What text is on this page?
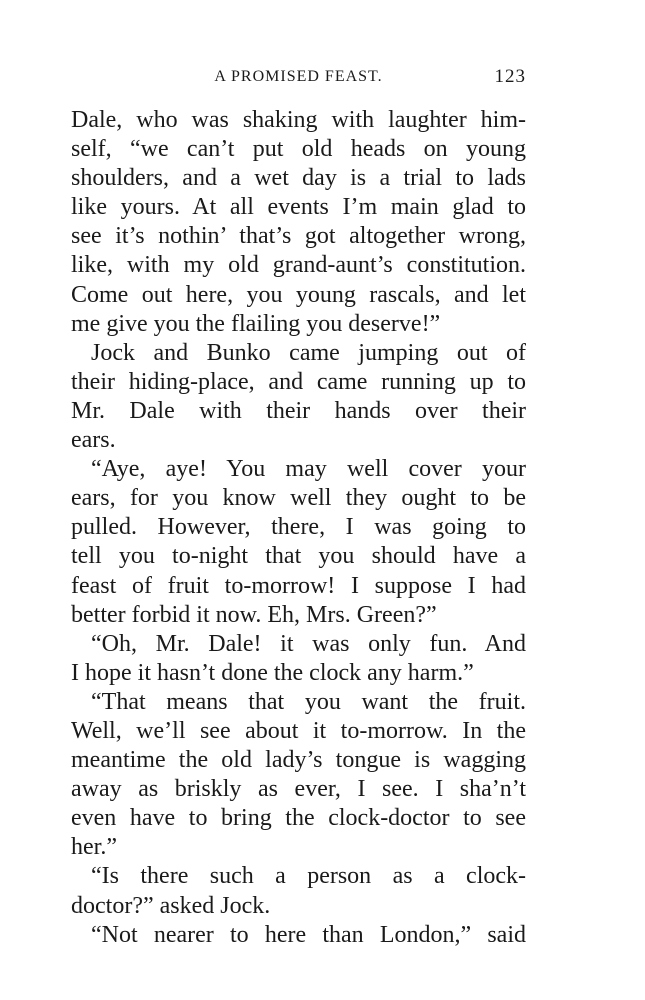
A PROMISED FEAST.	123
Dale, who was shaking with laughter him-
self, “we can’t put old heads on young
shoulders, and a wet day is a trial to lads
like yours. At all events I’m main glad to
see it’s nothin’ that’s got altogether wrong,
like, with my old grand-aunt’s constitution.
Come out here, you young rascals, and let
me give you the flailing you deserve!”
Jock and Bunko came jumping out of
their hiding-place, and came running up to
Mr. Dale with their hands over their
ears.
“Aye, aye! You may well cover your
ears, for you know well they ought to be
pulled. However, there, I was going to
tell you to-night that you should have a
feast of fruit to-morrow! I suppose I had
better forbid it now. Eh, Mrs. Green?”
“Oh, Mr. Dale! it was only fun. And
I hope it hasn’t done the clock any harm.”
“That means that you want the fruit.
Well, we’ll see about it to-morrow. In the
meantime the old lady’s tongue is wagging
away as briskly as ever, I see. I sha’n’t
even have to bring the clock-doctor to see
her.”
“Is there such a person as a clock-
doctor?” asked Jock.
“Not nearer to here than London,” said
